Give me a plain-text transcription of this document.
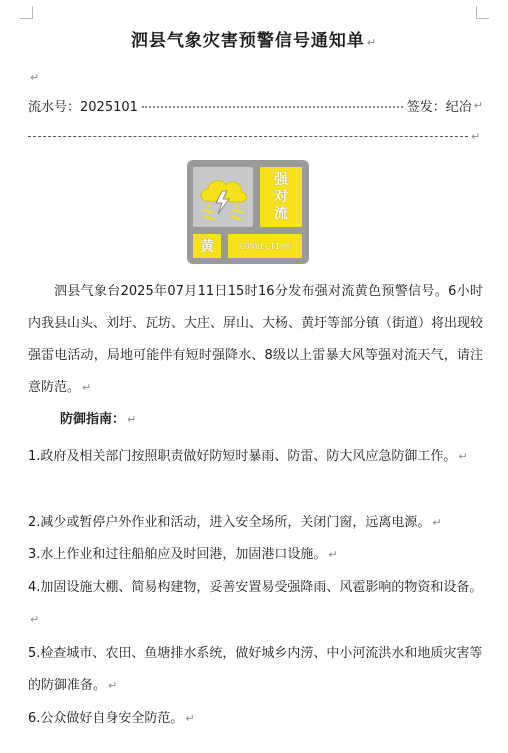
泗县气象灾害预警信号通知单 ↵
↵
流水号：2025101	签发：纪冶 ↵
↵
强
对
流
黄	CONVECTION
泗县气象台2025年07月11日15时16分发布强对流黄色预警信号。6小时内我县山头、刘圩、瓦坊、大庄、屏山、大杨、黄圩等部分镇（街道）将出现较强雷电活动，局地可能伴有短时强降水、8级以上雷暴大风等强对流天气，请注意防范。 ↵
防御指南： ↵
1.政府及相关部门按照职责做好防短时暴雨、防雷、防大风应急防御工作。 ↵
2.减少或暂停户外作业和活动，进入安全场所，关闭门窗，远离电源。 ↵
3.水上作业和过往船舶应及时回港，加固港口设施。 ↵
4.加固设施大棚、简易构建物，妥善安置易受强降雨、风雹影响的物资和设备。↵
5.检查城市、农田、鱼塘排水系统，做好城乡内涝、中小河流洪水和地质灾害等的防御准备。 ↵
6.公众做好自身安全防范。 ↵
